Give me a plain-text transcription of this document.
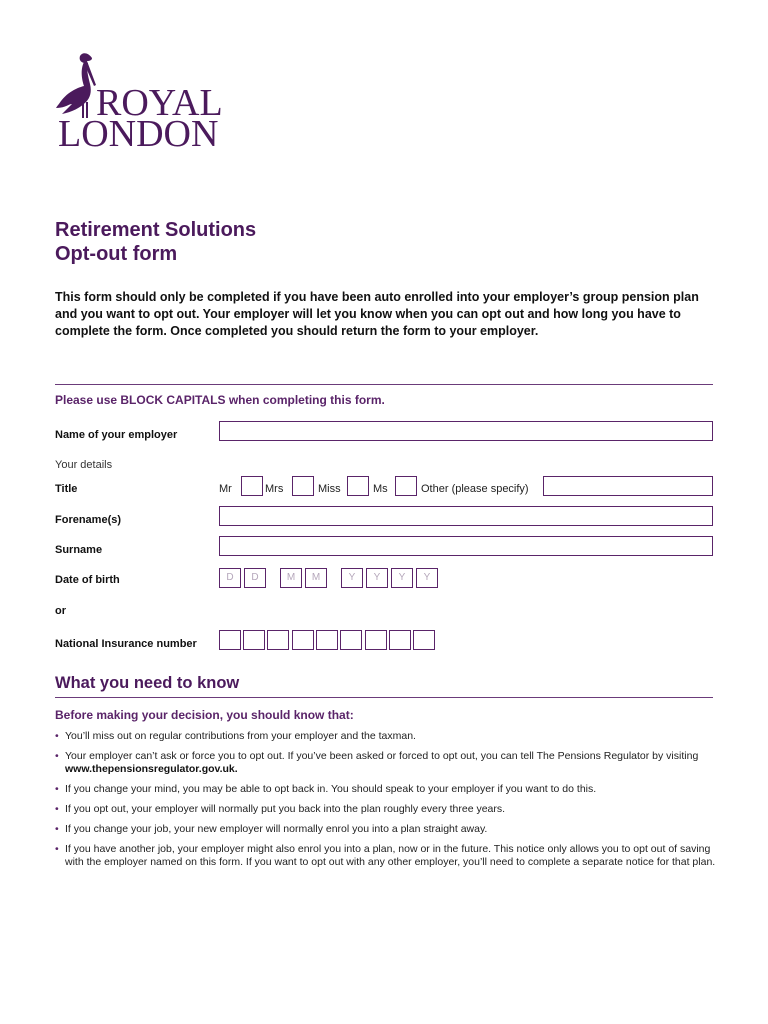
ROYAL
LONDON
Retirement Solutions
Opt-out form
This form should only be completed if you have been auto enrolled into your employer’s group pension plan and you want to opt out. Your employer will let you know when you can opt out and how long you have to complete the form. Once completed you should return the form to your employer.
Please use BLOCK CAPITALS when completing this form.
Name of your employer
Your details
Title	Mr	Mrs	Miss	Ms	Other (please specify)
Forename(s)
Surname
Date of birth	D	D	M	M	Y	Y	Y	Y
or
National Insurance number
What you need to know
Before making your decision, you should know that:
• You’ll miss out on regular contributions from your employer and the taxman.
• Your employer can’t ask or force you to opt out. If you’ve been asked or forced to opt out, you can tell The Pensions Regulator by visiting www.thepensionsregulator.gov.uk.
• If you change your mind, you may be able to opt back in. You should speak to your employer if you want to do this.
• If you opt out, your employer will normally put you back into the plan roughly every three years.
• If you change your job, your new employer will normally enrol you into a plan straight away.
• If you have another job, your employer might also enrol you into a plan, now or in the future. This notice only allows you to opt out of saving with the employer named on this form. If you want to opt out with any other employer, you’ll need to complete a separate notice for that plan.
